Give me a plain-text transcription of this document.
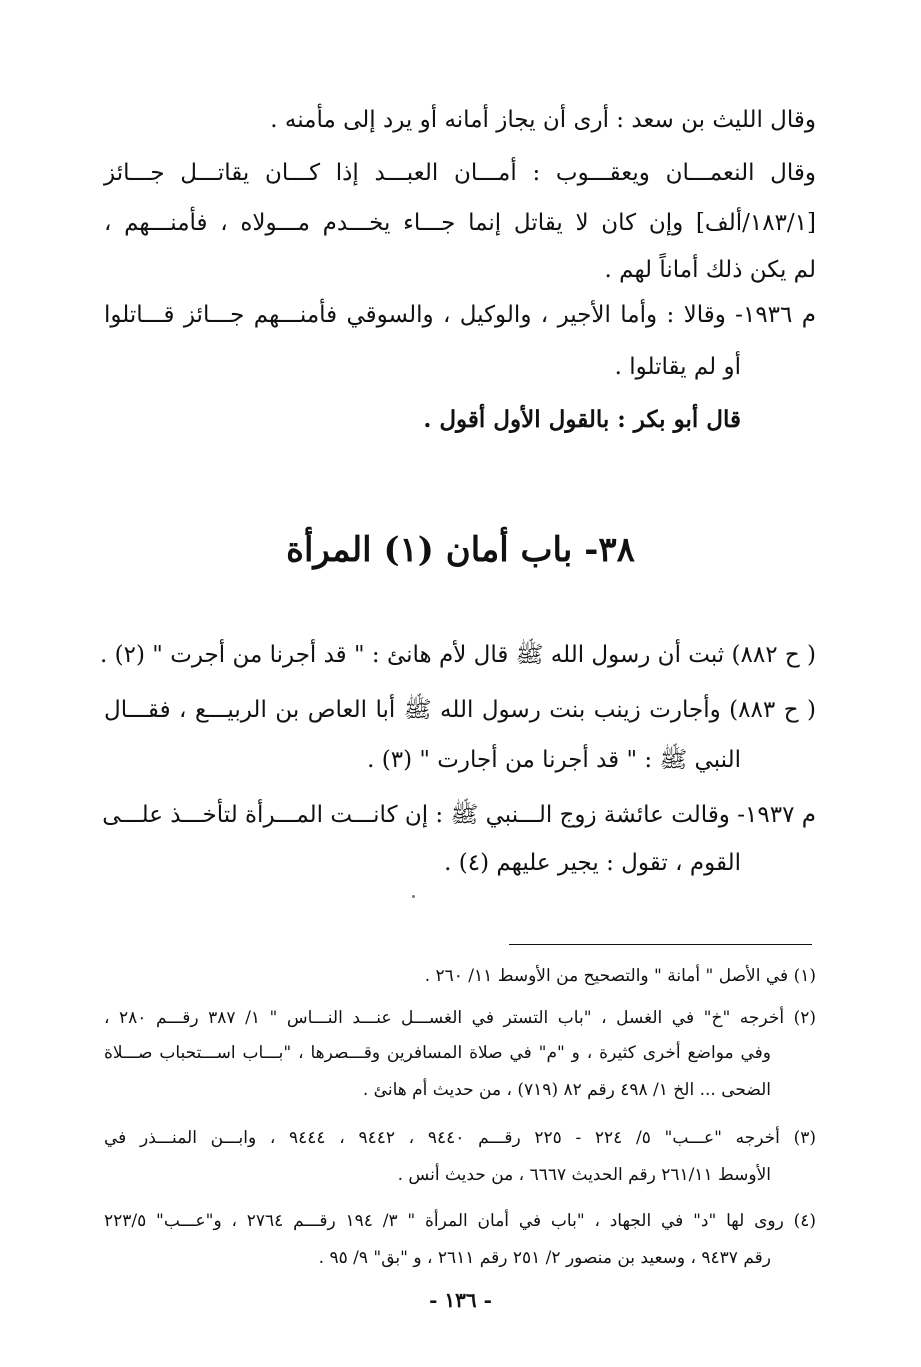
وقال الليث بن سعد : أرى أن يجاز أمانه أو يرد إلى مأمنه .
وقال النعمـــان ويعقـــوب : أمـــان العبـــد إذا كـــان يقاتـــل جـــائز
[١٨٣/١/ألف] وإن كان لا يقاتل إنما جـــاء يخـــدم مـــولاه ، فأمنـــهم ،
لم يكن ذلك أماناً لهم .
م ١٩٣٦- وقالا : وأما الأجير ، والوكيل ، والسوقي فأمنـــهم جـــائز قـــاتلوا
أو لم يقاتلوا .
قال أبو بكر : بالقول الأول أقول .
٣٨- باب أمان (١) المرأة
( ح ٨٨٢) ثبت أن رسول الله ﷺ قال لأم هانئ : " قد أجرنا من أجرت " (٢) .
( ح ٨٨٣) وأجارت زينب بنت رسول الله ﷺ أبا العاص بن الربيـــع ، فقـــال
النبي ﷺ : " قد أجرنا من أجارت " (٣) .
م ١٩٣٧- وقالت عائشة زوج الـــنبي ﷺ : إن كانـــت المـــرأة لتأخـــذ علـــى
القوم ، تقول : يجير عليهم (٤) .
(١) في الأصل " أمانة " والتصحيح من الأوسط ١١/ ٢٦٠ .
(٢) أخرجه "خ" في الغسل ، "باب التستر في الغســـل عنـــد النـــاس " ١/ ٣٨٧ رقـــم ٢٨٠ ،
وفي مواضع أخرى كثيرة ، و "م" في صلاة المسافرين وقـــصرها ، "بـــاب اســـتحباب صـــلاة
الضحى ... الخ ١/ ٤٩٨ رقم ٨٢ (٧١٩) ، من حديث أم هانئ .
(٣) أخرجه "عـــب" ٥/ ٢٢٤ - ٢٢٥ رقـــم ٩٤٤٠ ، ٩٤٤٢ ، ٩٤٤٤ ، وابـــن المنـــذر في
الأوسط ٢٦١/١١ رقم الحديث ٦٦٦٧ ، من حديث أنس .
(٤) روى لها "د" في الجهاد ، "باب في أمان المرأة " ٣/ ١٩٤ رقـــم ٢٧٦٤ ، و"عـــب" ٢٢٣/٥
رقم ٩٤٣٧ ، وسعيد بن منصور ٢/ ٢٥١ رقم ٢٦١١ ، و "بق" ٩/ ٩٥ .
- ١٣٦ -
